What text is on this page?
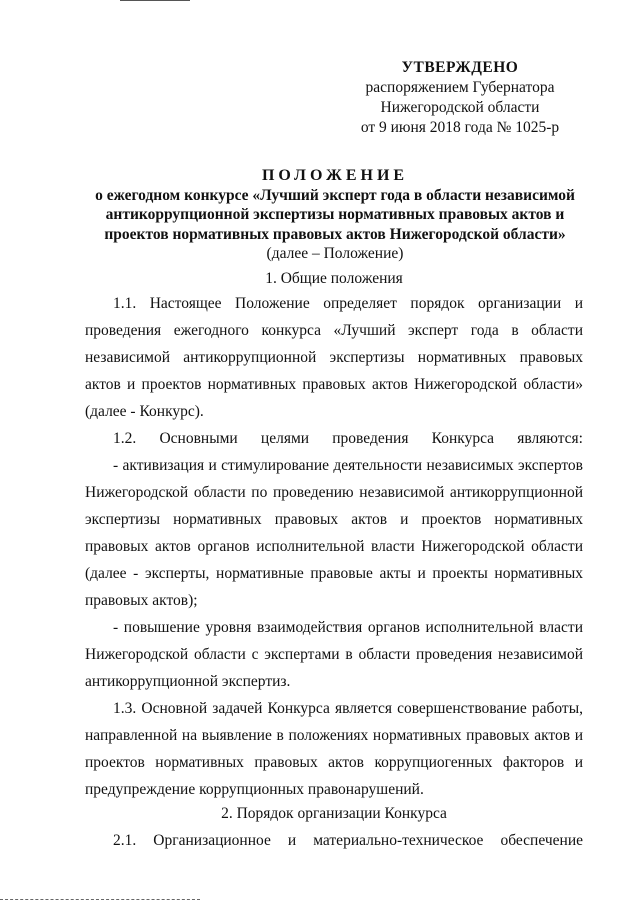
УТВЕРЖДЕНО
распоряжением Губернатора
Нижегородской области
от 9 июня 2018 года № 1025-р
ПОЛОЖЕНИЕ
о ежегодном конкурсе «Лучший эксперт года в области независимой
антикоррупционной экспертизы нормативных правовых актов и
проектов нормативных правовых актов Нижегородской области»
(далее – Положение)
1. Общие положения

1.1. Настоящее Положение определяет порядок организации и проведения ежегодного конкурса «Лучший эксперт года в области независимой антикоррупционной экспертизы нормативных правовых актов и проектов нормативных правовых актов Нижегородской области» (далее - Конкурс).

1.2. Основными целями проведения Конкурса являются:

- активизация и стимулирование деятельности независимых экспертов Нижегородской области по проведению независимой антикоррупционной экспертизы нормативных правовых актов и проектов нормативных правовых актов органов исполнительной власти Нижегородской области (далее - эксперты, нормативные правовые акты и проекты нормативных правовых актов);

- повышение уровня взаимодействия органов исполнительной власти Нижегородской области с экспертами в области проведения независимой антикоррупционной экспертиз.

1.3. Основной задачей Конкурса является совершенствование работы, направленной на выявление в положениях нормативных правовых актов и проектов нормативных правовых актов коррупциогенных факторов и предупреждение коррупционных правонарушений.

2. Порядок организации Конкурса

2.1. Организационное и материально-техническое обеспечение
